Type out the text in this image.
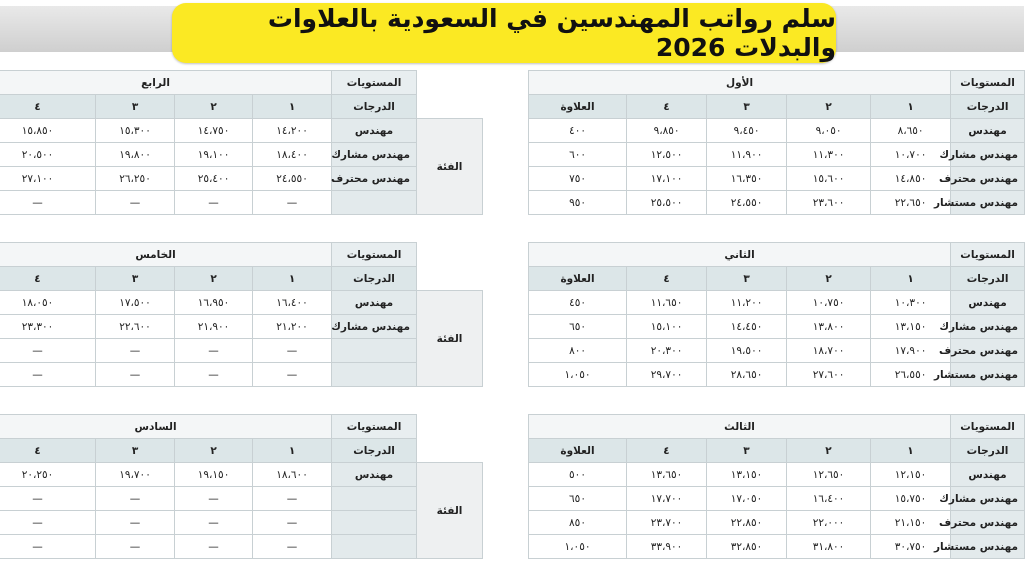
سلم رواتب المهندسين في السعودية بالعلاوات والبدلات 2026
المستويات	الأول				
الدرجات	١	٢	٣	٤	العلاوة
مهندس	٨،٦٥٠	٩،٠٥٠	٩،٤٥٠	٩،٨٥٠	٤٠٠
مهندس مشارك	١٠،٧٠٠	١١،٣٠٠	١١،٩٠٠	١٢،٥٠٠	٦٠٠
مهندس محترف	١٤،٨٥٠	١٥،٦٠٠	١٦،٣٥٠	١٧،١٠٠	٧٥٠
مهندس مستشار	٢٢،٦٥٠	٢٣،٦٠٠	٢٤،٥٥٠	٢٥،٥٠٠	٩٥٠
المستويات	الثاني				
الدرجات	١	٢	٣	٤	العلاوة
مهندس	١٠،٣٠٠	١٠،٧٥٠	١١،٢٠٠	١١،٦٥٠	٤٥٠
مهندس مشارك	١٣،١٥٠	١٣،٨٠٠	١٤،٤٥٠	١٥،١٠٠	٦٥٠
مهندس محترف	١٧،٩٠٠	١٨،٧٠٠	١٩،٥٠٠	٢٠،٣٠٠	٨٠٠
مهندس مستشار	٢٦،٥٥٠	٢٧،٦٠٠	٢٨،٦٥٠	٢٩،٧٠٠	١،٠٥٠
المستويات	الثالث				
الدرجات	١	٢	٣	٤	العلاوة
مهندس	١٢،١٥٠	١٢،٦٥٠	١٣،١٥٠	١٣،٦٥٠	٥٠٠
مهندس مشارك	١٥،٧٥٠	١٦،٤٠٠	١٧،٠٥٠	١٧،٧٠٠	٦٥٠
مهندس محترف	٢١،١٥٠	٢٢،٠٠٠	٢٢،٨٥٠	٢٣،٧٠٠	٨٥٠
مهندس مستشار	٣٠،٧٥٠	٣١،٨٠٠	٣٢،٨٥٠	٣٣،٩٠٠	١،٠٥٠
	المستويات	الرابع			
	الدرجات	١	٢	٣	٤
الفئة	مهندس	١٤،٢٠٠	١٤،٧٥٠	١٥،٣٠٠	١٥،٨٥٠
	مهندس مشارك	١٨،٤٠٠	١٩،١٠٠	١٩،٨٠٠	٢٠،٥٠٠
	مهندس محترف	٢٤،٥٥٠	٢٥،٤٠٠	٢٦،٢٥٠	٢٧،١٠٠
		—	—	—	—
	المستويات	الخامس			
	الدرجات	١	٢	٣	٤
الفئة	مهندس	١٦،٤٠٠	١٦،٩٥٠	١٧،٥٠٠	١٨،٠٥٠
	مهندس مشارك	٢١،٢٠٠	٢١،٩٠٠	٢٢،٦٠٠	٢٣،٣٠٠
		—	—	—	—
		—	—	—	—
	المستويات	السادس			
	الدرجات	١	٢	٣	٤
الفئة	مهندس	١٨،٦٠٠	١٩،١٥٠	١٩،٧٠٠	٢٠،٢٥٠
		—	—	—	—
		—	—	—	—
		—	—	—	—
